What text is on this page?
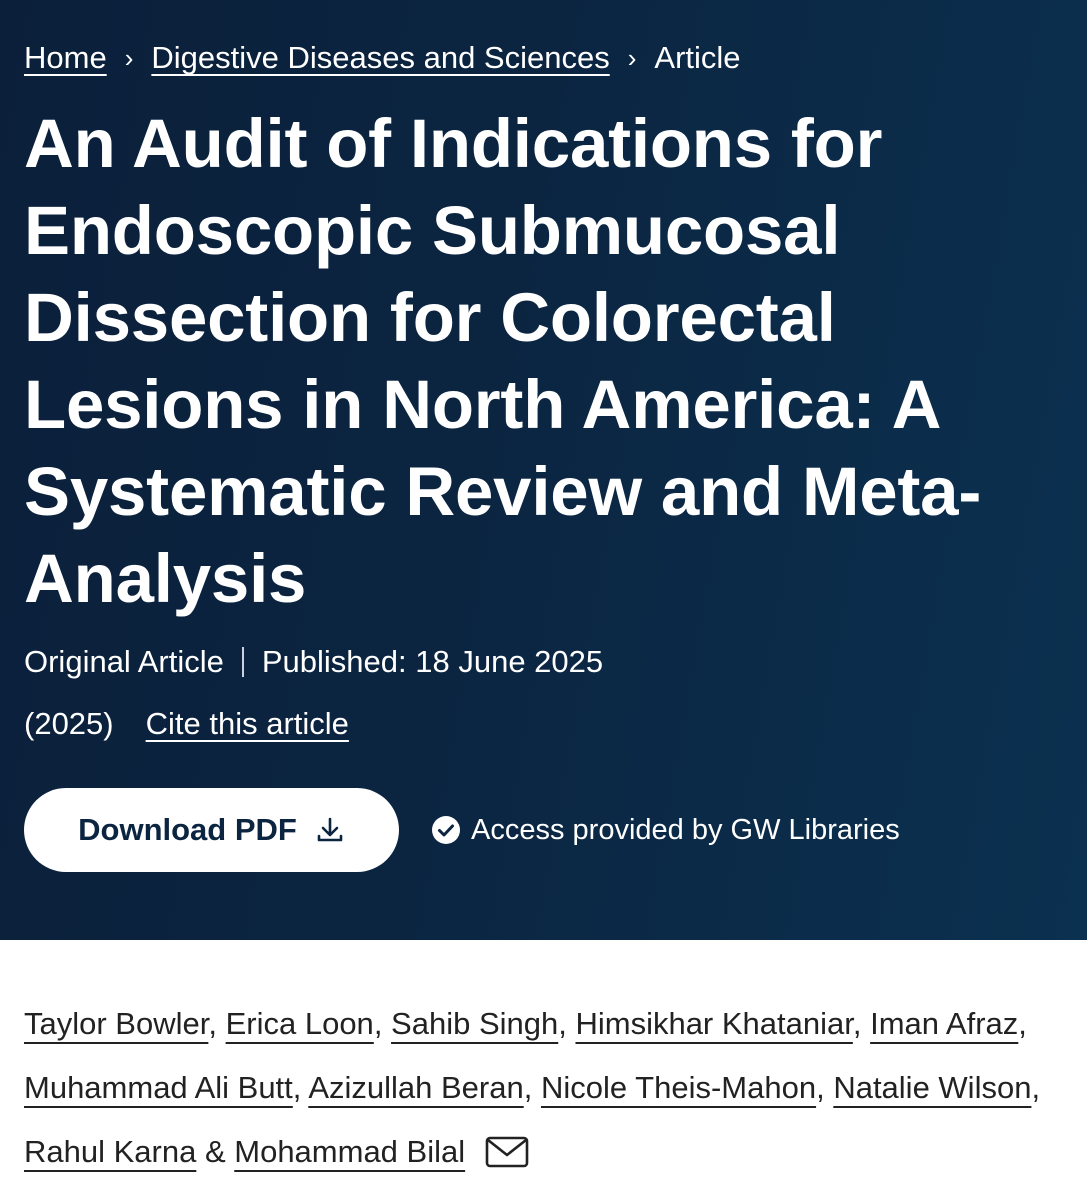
Home › Digestive Diseases and Sciences › Article
An Audit of Indications for Endoscopic Submucosal Dissection for Colorectal Lesions in North America: A Systematic Review and Meta-Analysis
Original Article Published: 18 June 2025
(2025) Cite this article
Download PDF	Access provided by GW Libraries
Taylor Bowler, Erica Loon, Sahib Singh, Himsikhar Khataniar, Iman Afraz, Muhammad Ali Butt, Azizullah Beran, Nicole Theis-Mahon, Natalie Wilson, Rahul Karna & Mohammad Bilal
